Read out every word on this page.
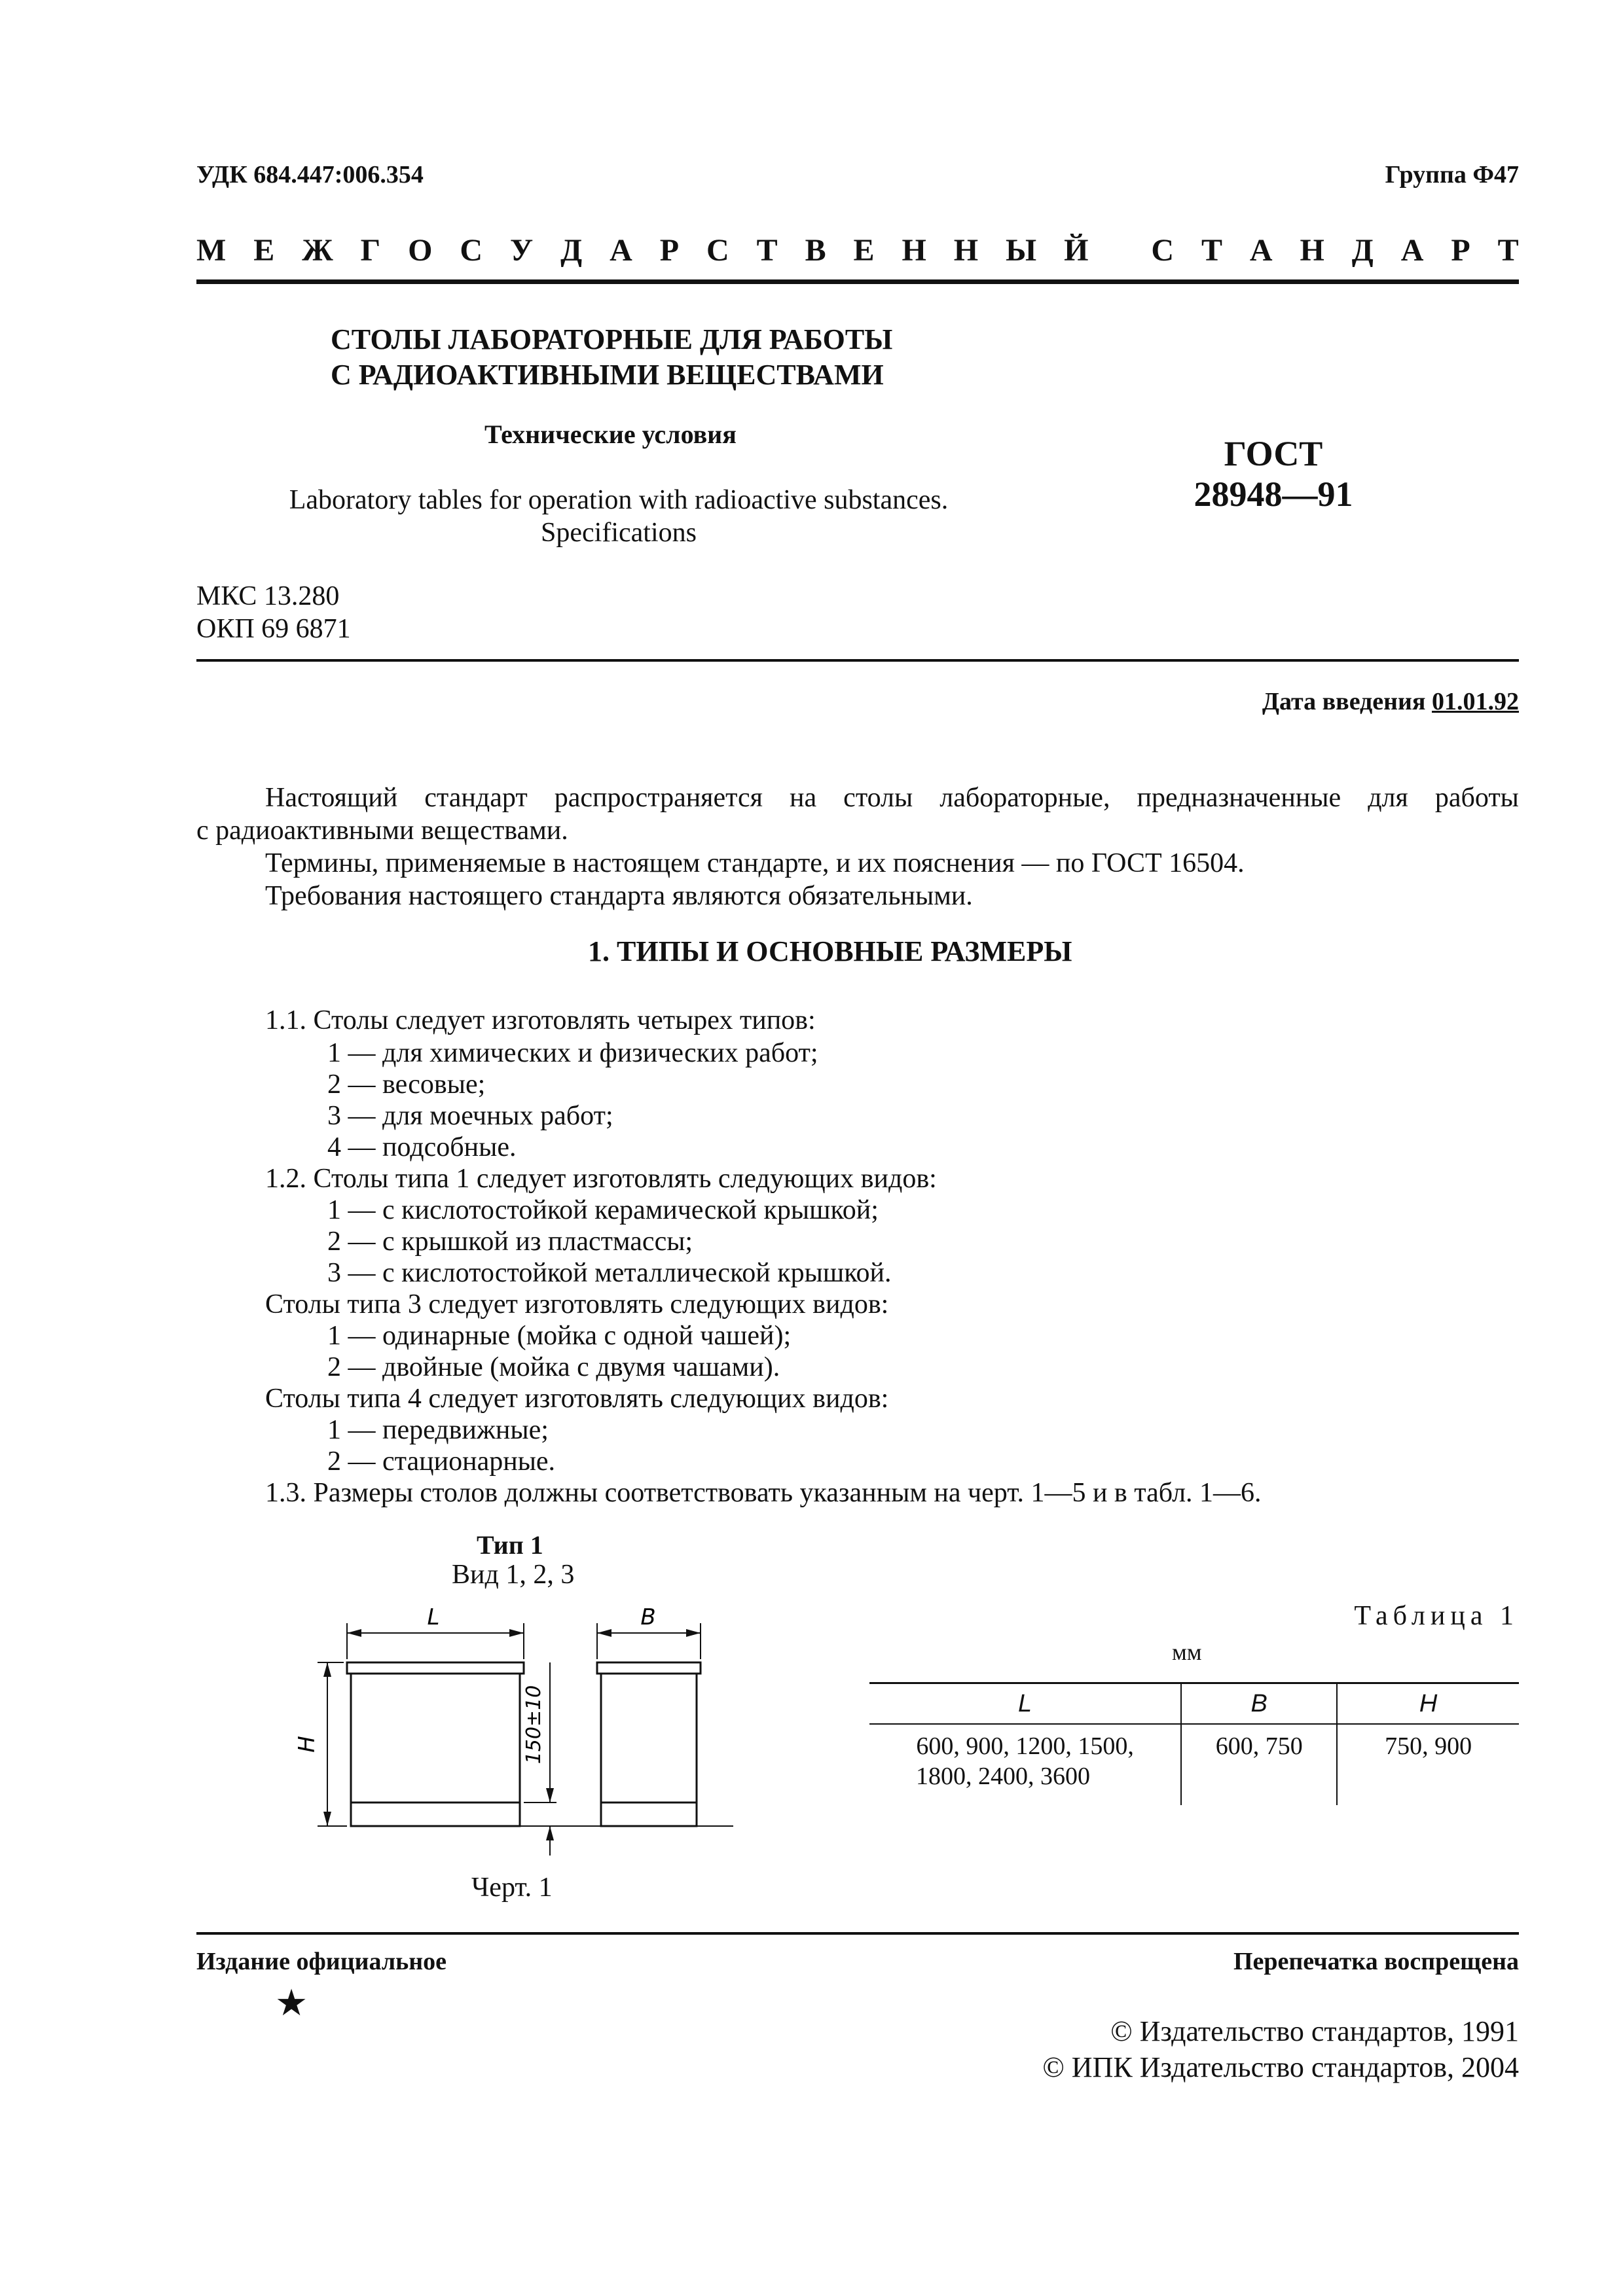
УДК 684.447:006.354	Группа Ф47
М Е Ж Г О С У Д А Р С Т В Е Н Н Ы Й
С Т А Н Д А Р Т
СТОЛЫ ЛАБОРАТОРНЫЕ ДЛЯ РАБОТЫ
С РАДИОАКТИВНЫМИ ВЕЩЕСТВАМИ
Технические условия
Laboratory tables for operation with radioactive substances.
Specifications
ГОСТ
28948—91
МКС 13.280
ОКП 69 6871
Дата введения 01.01.92
Настоящий стандарт распространяется на столы лабораторные, предназначенные для работы
с радиоактивными веществами.
Термины, применяемые в настоящем стандарте, и их пояснения — по ГОСТ 16504.
Требования настоящего стандарта являются обязательными.
1. ТИПЫ И ОСНОВНЫЕ РАЗМЕРЫ
1.1. Столы следует изготовлять четырех типов:
1 — для химических и физических работ;
2 — весовые;
3 — для моечных работ;
4 — подсобные.
1.2. Столы типа 1 следует изготовлять следующих видов:
1 — с кислотостойкой керамической крышкой;
2 — с крышкой из пластмассы;
3 — с кислотостойкой металлической крышкой.
Столы типа 3 следует изготовлять следующих видов:
1 — одинарные (мойка с одной чашей);
2 — двойные (мойка с двумя чашами).
Столы типа 4 следует изготовлять следующих видов:
1 — передвижные;
2 — стационарные.
1.3. Размеры столов должны соответствовать указанным на черт. 1—5 и в табл. 1—6.
Тип 1
Вид 1, 2, 3
L	B
H	150±10
Черт. 1
Таблица 1
мм
L	B	H

600, 900, 1200, 1500,
1800, 2400, 3600	600, 750	750, 900
Издание официальное	Перепечатка воспрещена
★
© Издательство стандартов, 1991
© ИПК Издательство стандартов, 2004
